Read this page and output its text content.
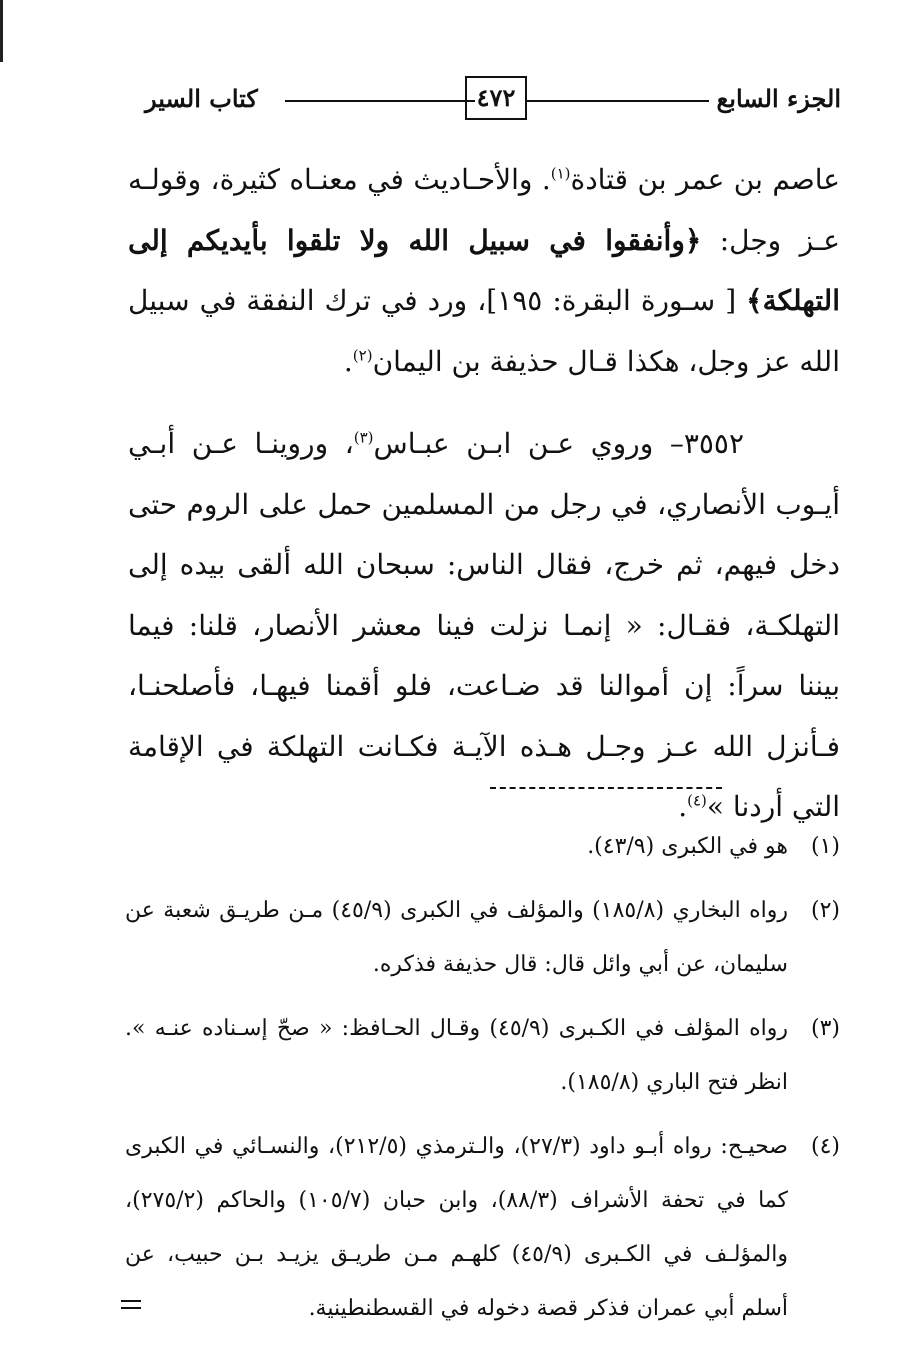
الجزء السابع
٤٧٢
كتاب السير

عاصم بن عمر بن قتادة$^{(١)}$. والأحـاديث في معنـاه كثيرة، وقولـه عـز وجل: ﴿وأنفقوا في سبيل الله ولا تلقوا بأيديكم إلى التهلكة﴾ [ سـورة البقرة: ١٩٥]، ورد في ترك النفقة في سبيل الله عز وجل، هكذا قـال حذيفة بن اليمان$^{(٢)}$.

٣٥٥٢– وروي عـن ابـن عبـاس$^{(٣)}$، وروينـا عـن أبـي أيـوب الأنصاري، في رجل من المسلمين حمل على الروم حتى دخل فيهم، ثم خرج، فقال الناس: سبحان الله ألقى بيده إلى التهلكـة، فقـال: « إنمـا نزلت فينا معشر الأنصار، قلنا: فيما بيننا سراً: إن أموالنا قد ضـاعت، فلو أقمنا فيهـا، فأصلحنـا، فـأنزل الله عـز وجـل هـذه الآيـة فكـانت التهلكة في الإقامة التي أردنا »$^{(٤)}$.

(١)
هو في الكبرى (٤٣/٩).

(٢)
رواه البخاري (١٨٥/٨) والمؤلف في الكبرى (٤٥/٩) مـن طريـق شعبة عن سليمان، عن أبي وائل قال: قال حذيفة فذكره.

(٣)
رواه المؤلف في الكـبرى (٤٥/٩) وقـال الحـافظ: « صحّ إسـناده عنـه ». انظر فتح الباري (١٨٥/٨).

(٤)
صحيـح: رواه أبـو داود (٢٧/٣)، والـترمذي (٢١٢/٥)، والنسـائي في الكبرى كما في تحفة الأشراف (٨٨/٣)، وابن حبان (١٠٥/٧) والحاكم (٢٧٥/٢)، والمؤلـف في الكـبرى (٤٥/٩) كلهـم مـن طريـق يزيـد بـن حبيب، عن أسلم أبي عمران فذكر قصة دخوله في القسطنطينية.
